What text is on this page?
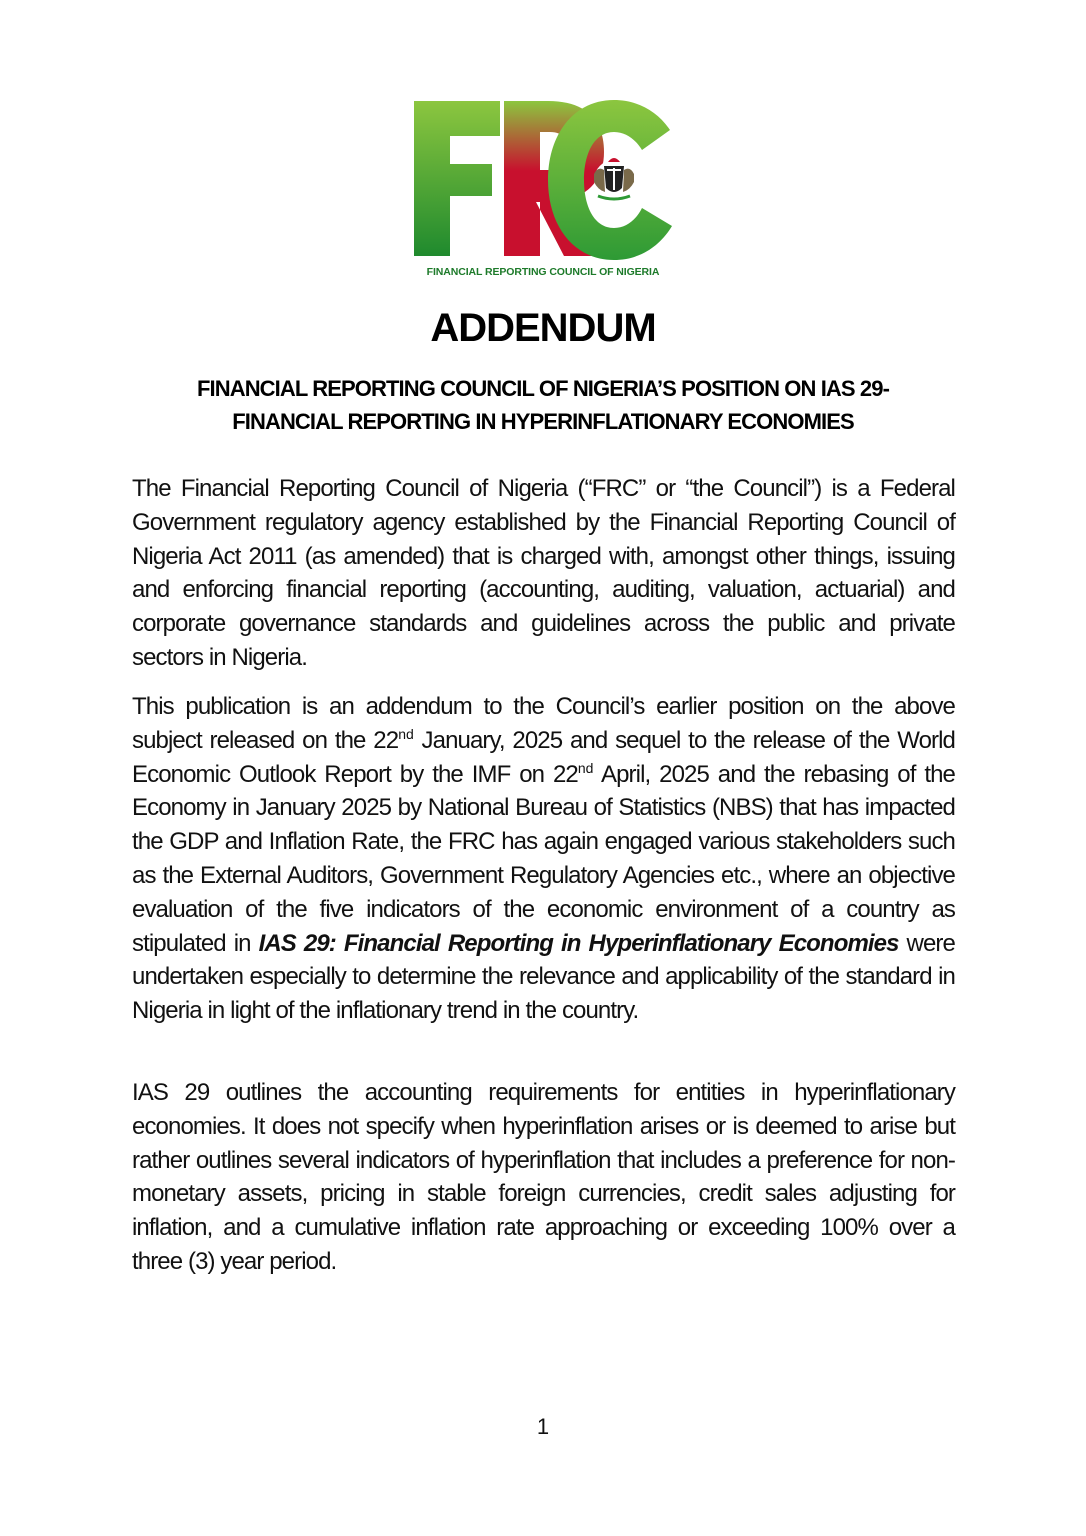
FINANCIAL REPORTING COUNCIL OF NIGERIA
ADDENDUM
FINANCIAL REPORTING COUNCIL OF NIGERIA’S POSITION ON IAS 29-
FINANCIAL REPORTING IN HYPERINFLATIONARY ECONOMIES

The Financial Reporting Council of Nigeria (“FRC” or “the Council”) is a Federal Government regulatory agency established by the Financial Reporting Council of Nigeria Act 2011 (as amended) that is charged with, amongst other things, issuing and enforcing financial reporting (accounting, auditing, valuation, actuarial) and corporate governance standards and guidelines across the public and private sectors in Nigeria.

This publication is an addendum to the Council’s earlier position on the above subject released on the 22nd January, 2025 and sequel to the release of the World Economic Outlook Report by the IMF on 22nd April, 2025 and the rebasing of the Economy in January 2025 by National Bureau of Statistics (NBS) that has impacted the GDP and Inflation Rate, the FRC has again engaged various stakeholders such as the External Auditors, Government Regulatory Agencies etc., where an objective evaluation of the five indicators of the economic environment of a country as stipulated in IAS 29: Financial Reporting in Hyperinflationary Economies were undertaken especially to determine the relevance and applicability of the standard in Nigeria in light of the inflationary trend in the country.

IAS 29 outlines the accounting requirements for entities in hyperinflationary economies. It does not specify when hyperinflation arises or is deemed to arise but rather outlines several indicators of hyperinflation that includes a preference for non-monetary assets, pricing in stable foreign currencies, credit sales adjusting for inflation, and a cumulative inflation rate approaching or exceeding 100% over a three (3) year period.

1
